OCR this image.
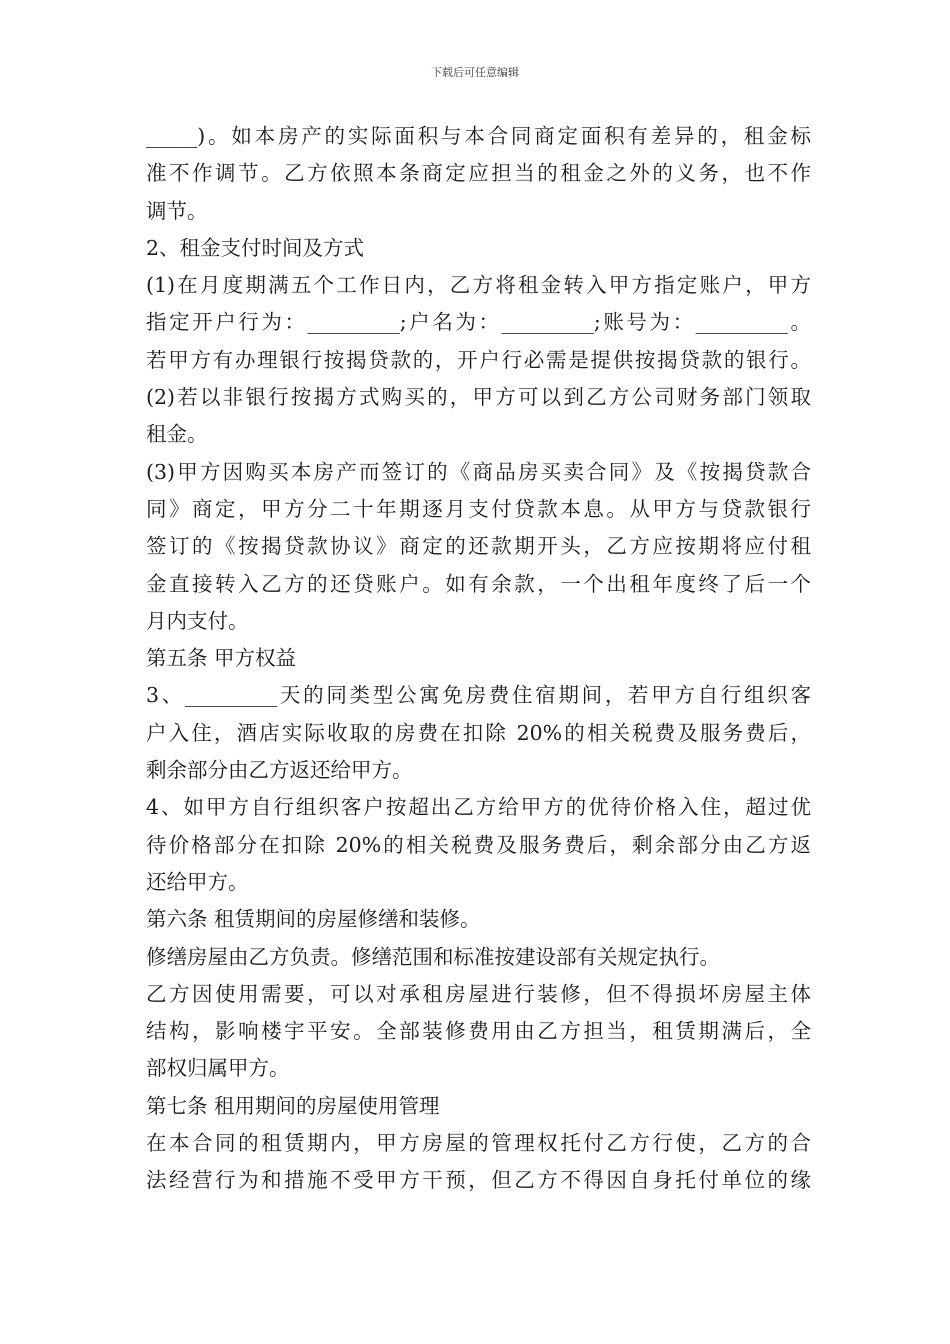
下载后可任意编辑
_____)。如本房产的实际面积与本合同商定面积有差异的，租金标
准不作调节。乙方依照本条商定应担当的租金之外的义务，也不作
调节。
2、租金支付时间及方式
(1)在月度期满五个工作日内，乙方将租金转入甲方指定账户，甲方
指定开户行为：_________;户名为：_________;账号为：_________。
若甲方有办理银行按揭贷款的，开户行必需是提供按揭贷款的银行。
(2)若以非银行按揭方式购买的，甲方可以到乙方公司财务部门领取
租金。
(3)甲方因购买本房产而签订的《商品房买卖合同》及《按揭贷款合
同》商定，甲方分二十年期逐月支付贷款本息。从甲方与贷款银行
签订的《按揭贷款协议》商定的还款期开头，乙方应按期将应付租
金直接转入乙方的还贷账户。如有余款，一个出租年度终了后一个
月内支付。
第五条 甲方权益
3、_________天的同类型公寓免房费住宿期间，若甲方自行组织客
户入住，酒店实际收取的房费在扣除 20%的相关税费及服务费后，
剩余部分由乙方返还给甲方。
4、如甲方自行组织客户按超出乙方给甲方的优待价格入住，超过优
待价格部分在扣除 20%的相关税费及服务费后，剩余部分由乙方返
还给甲方。
第六条 租赁期间的房屋修缮和装修。
修缮房屋由乙方负责。修缮范围和标准按建设部有关规定执行。
乙方因使用需要，可以对承租房屋进行装修，但不得损坏房屋主体
结构，影响楼宇平安。全部装修费用由乙方担当，租赁期满后，全
部权归属甲方。
第七条 租用期间的房屋使用管理
在本合同的租赁期内，甲方房屋的管理权托付乙方行使，乙方的合
法经营行为和措施不受甲方干预，但乙方不得因自身托付单位的缘
